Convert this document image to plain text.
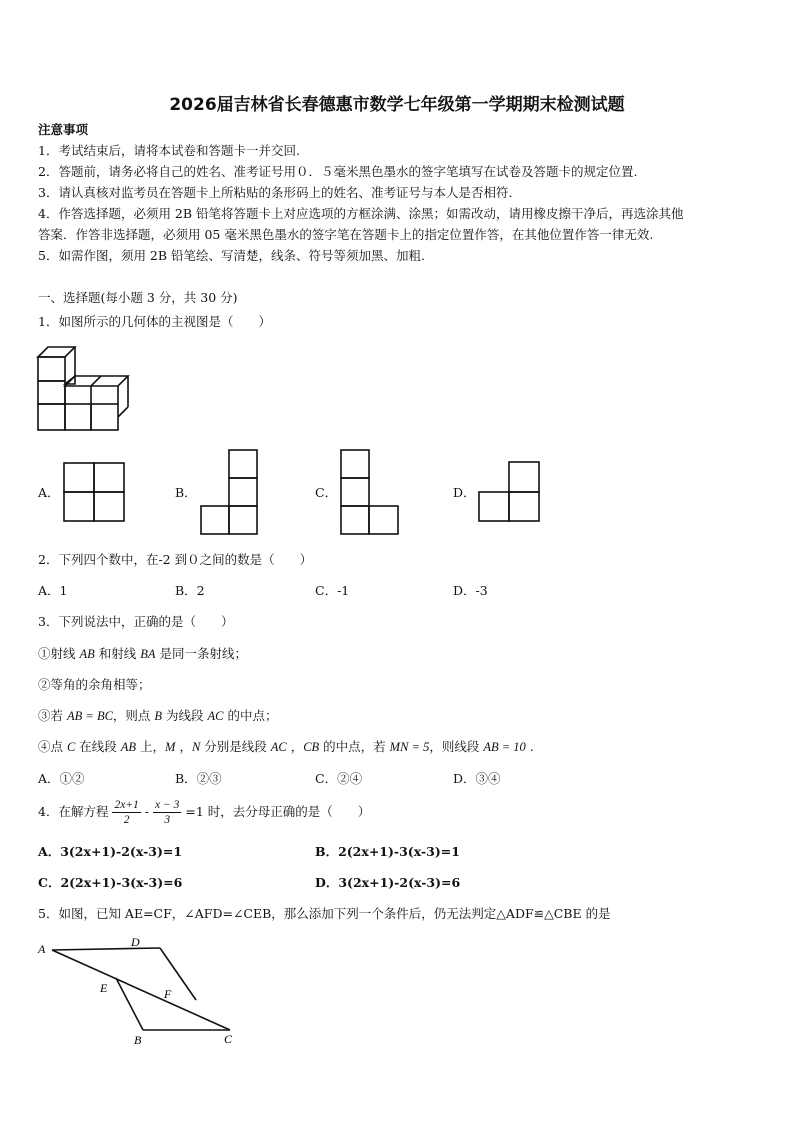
2026届吉林省长春德惠市数学七年级第一学期期末检测试题
注意事项
1．考试结束后，请将本试卷和答题卡一并交回.
2．答题前，请务必将自己的姓名、准考证号用０．５毫米黑色墨水的签字笔填写在试卷及答题卡的规定位置.
3．请认真核对监考员在答题卡上所粘贴的条形码上的姓名、准考证号与本人是否相符.
4．作答选择题，必须用 2B 铅笔将答题卡上对应选项的方框涂满、涂黑；如需改动，请用橡皮擦干净后，再选涂其他
答案．作答非选择题，必须用 05 毫米黑色墨水的签字笔在答题卡上的指定位置作答，在其他位置作答一律无效.
5．如需作图，须用 2B 铅笔绘、写清楚，线条、符号等须加黑、加粗.
一、选择题(每小题 3 分，共 30 分)
1．如图所示的几何体的主视图是（　　）
A．	B．	C．	D．
2．下列四个数中，在-2 到０之间的数是（　　）
A．1	B．2	C．-1	D．-3
3．下列说法中，正确的是（　　）
①射线 AB 和射线 BA 是同一条射线；
②等角的余角相等；
③若 AB = BC，则点 B 为线段 AC 的中点；
④点 C 在线段 AB 上，M ，N 分别是线段 AC ，CB 的中点，若 MN = 5，则线段 AB = 10 .
A．①②	B．②③	C．②④	D．③④
4．在解方程 $\frac{2x+1}{2} - \frac{x - 3}{3} =1$ 时，去分母正确的是（　　）
A．3(2x+1)-2(x-3)=1	B．2(2x+1)-3(x-3)=1
C．2(2x+1)-3(x-3)=6	D．3(2x+1)-2(x-3)=6
5．如图，已知 AE=CF，∠AFD=∠CEB，那么添加下列一个条件后，仍无法判定△ADF≌△CBE 的是
A	D
E	F
B	C
